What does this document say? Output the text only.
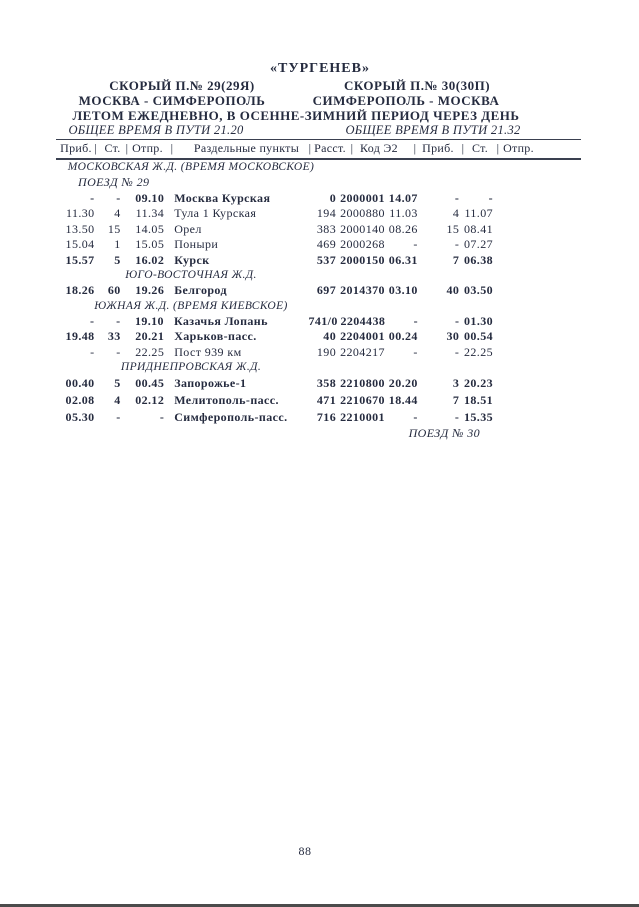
«ТУРГЕНЕВ»
СКОРЫЙ П.№ 29(29Я)	СКОРЫЙ П.№ 30(30П)
МОСКВА - СИМФЕРОПОЛЬ	СИМФЕРОПОЛЬ - МОСКВА
ЛЕТОМ ЕЖЕДНЕВНО, В ОСЕННЕ-ЗИМНИЙ ПЕРИОД ЧЕРЕЗ ДЕНЬ
ОБЩЕЕ ВРЕМЯ В ПУТИ 21.20	ОБЩЕЕ ВРЕМЯ В ПУТИ 21.32
Приб. Ст. Отпр.	Раздельные пункты Расст. Код Э2 Приб. Ст. Отпр.
| |	|	|	|	|	|	|
МОСКОВСКАЯ Ж.Д. (ВРЕМЯ МОСКОВСКОЕ)
ПОЕЗД № 29
-	-	09.10 Москва Курская	0 2000001 14.07	-	-
11.30	4	11.34 Тула 1 Курская	194 2000880 11.03	4 11.07
13.50	15	14.05 Орел	383 2000140 08.26	15 08.41
15.04	1	15.05 Поныри	469 2000268	-	- 07.27
15.57	5	16.02 Курск	537 2000150 06.31	7 06.38
ЮГО-ВОСТОЧНАЯ Ж.Д.
18.26	60	19.26 Белгород	697 2014370 03.10	40 03.50
ЮЖНАЯ Ж.Д. (ВРЕМЯ КИЕВСКОЕ)
-	-	19.10 Казачья Лопань	741/0 2204438	-	- 01.30
19.48	33	20.21 Харьков-пасс.	40 2204001 00.24	30 00.54
-	-	22.25 Пост 939 км	190 2204217	-	- 22.25
ПРИДНЕПРОВСКАЯ Ж.Д.
00.40	5	00.45 Запорожье-1	358 2210800 20.20	3 20.23
02.08	4	02.12 Мелитополь-пасс.	471 2210670 18.44	7 18.51
05.30	-	- Симферополь-пасс.	716 2210001	-	- 15.35
ПОЕЗД № 30
88
